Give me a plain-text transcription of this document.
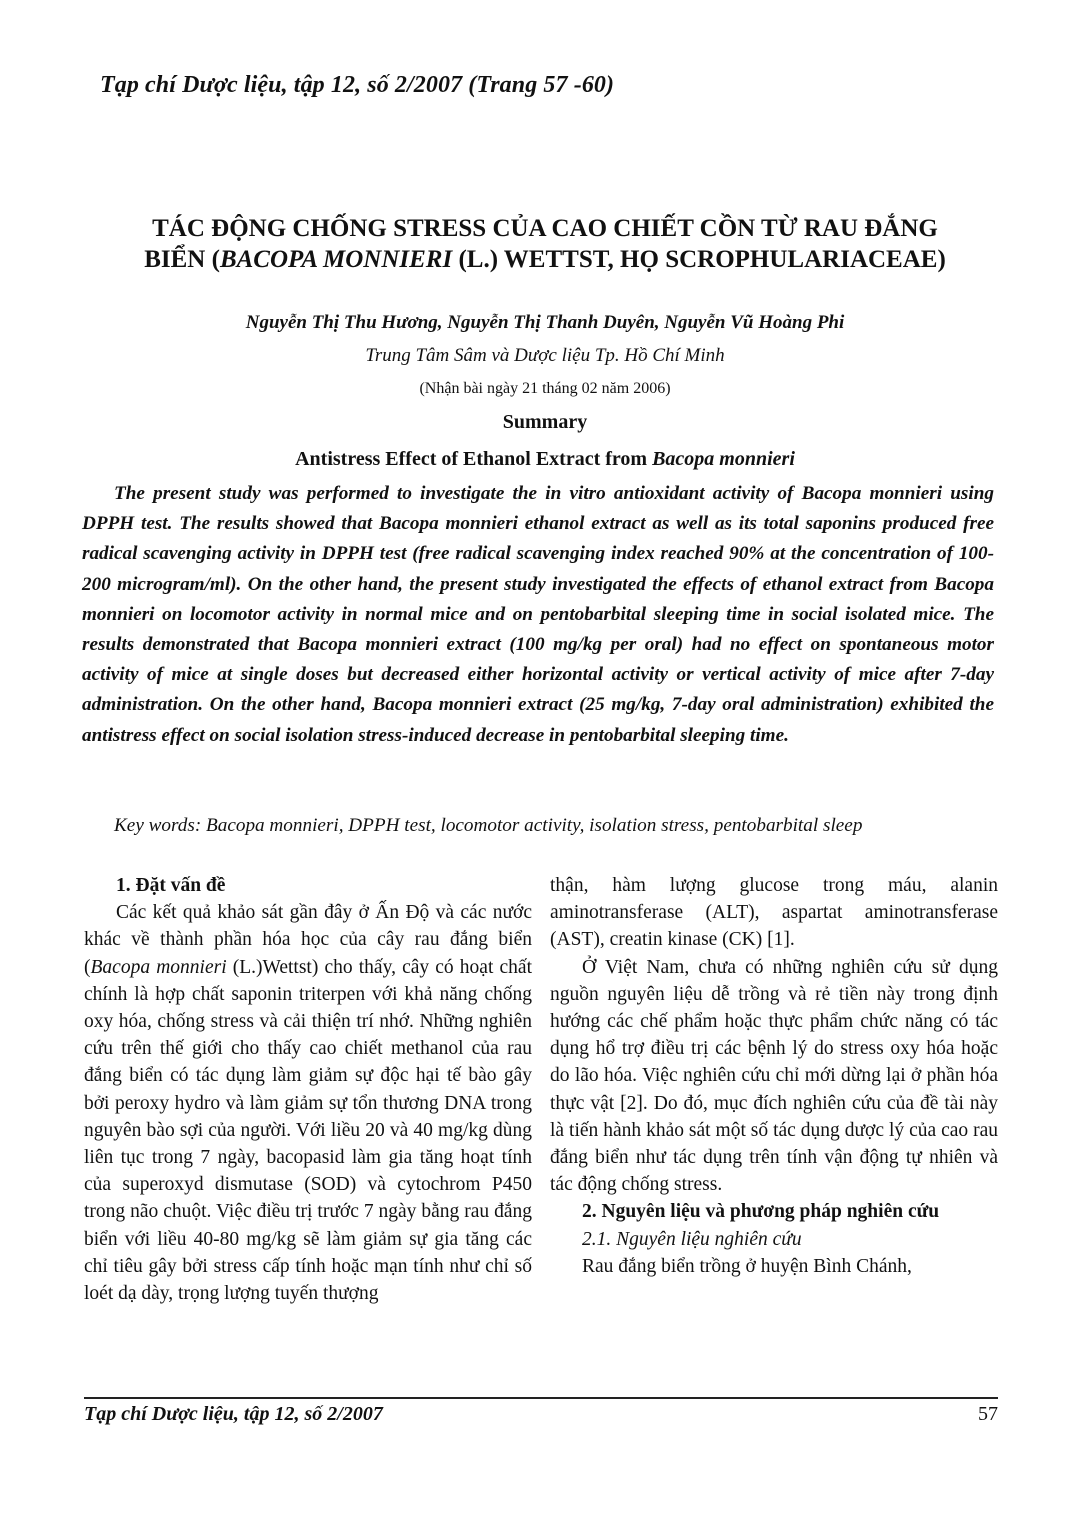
Tạp chí Dược liệu, tập 12, số 2/2007 (Trang 57 -60)
TÁC ĐỘNG CHỐNG STRESS CỦA CAO CHIẾT CỒN TỪ RAU ĐẮNG BIỂN (BACOPA MONNIERI (L.) WETTST, HỌ SCROPHULARIACEAE)
Nguyễn Thị Thu Hương, Nguyễn Thị Thanh Duyên, Nguyễn Vũ Hoàng Phi
Trung Tâm Sâm và Dược liệu Tp. Hồ Chí Minh
(Nhận bài ngày 21 tháng 02 năm 2006)
Summary
Antistress Effect of Ethanol Extract from Bacopa monnieri

The present study was performed to investigate the in vitro antioxidant activity of Bacopa monnieri using DPPH test. The results showed that Bacopa monnieri ethanol extract as well as its total saponins produced free radical scavenging activity in DPPH test (free radical scavenging index reached 90% at the concentration of 100-200 microgram/ml). On the other hand, the present study investigated the effects of ethanol extract from Bacopa monnieri on locomotor activity in normal mice and on pentobarbital sleeping time in social isolated mice. The results demonstrated that Bacopa monnieri extract (100 mg/kg per oral) had no effect on spontaneous motor activity of mice at single doses but decreased either horizontal activity or vertical activity of mice after 7-day administration. On the other hand, Bacopa monnieri extract (25 mg/kg, 7-day oral administration) exhibited the antistress effect on social isolation stress-induced decrease in pentobarbital sleeping time.

Key words: Bacopa monnieri, DPPH test, locomotor activity, isolation stress, pentobarbital sleep

1. Đặt vấn đề

Các kết quả khảo sát gần đây ở Ấn Độ và các nước khác về thành phần hóa học của cây rau đắng biển (Bacopa monnieri (L.)Wettst) cho thấy, cây có hoạt chất chính là hợp chất saponin triterpen với khả năng chống oxy hóa, chống stress và cải thiện trí nhớ. Những nghiên cứu trên thế giới cho thấy cao chiết methanol của rau đắng biển có tác dụng làm giảm sự độc hại tế bào gây bởi peroxy hydro và làm giảm sự tổn thương DNA trong nguyên bào sợi của người. Với liều 20 và 40 mg/kg dùng liên tục trong 7 ngày, bacopasid làm gia tăng hoạt tính của superoxyd dismutase (SOD) và cytochrom P450 trong não chuột. Việc điều trị trước 7 ngày bằng rau đắng biển với liều 40-80 mg/kg sẽ làm giảm sự gia tăng các chỉ tiêu gây bởi stress cấp tính hoặc mạn tính như chỉ số loét dạ dày, trọng lượng tuyến thượng

thận, hàm lượng glucose trong máu, alanin aminotransferase (ALT), aspartat aminotransferase (AST), creatin kinase (CK) [1].

Ở Việt Nam, chưa có những nghiên cứu sử dụng nguồn nguyên liệu dễ trồng và rẻ tiền này trong định hướng các chế phẩm hoặc thực phẩm chức năng có tác dụng hổ trợ điều trị các bệnh lý do stress oxy hóa hoặc do lão hóa. Việc nghiên cứu chỉ mới dừng lại ở phần hóa thực vật [2]. Do đó, mục đích nghiên cứu của đề tài này là tiến hành khảo sát một số tác dụng dược lý của cao rau đắng biển như tác dụng trên tính vận động tự nhiên và tác động chống stress.

2. Nguyên liệu và phương pháp nghiên cứu

2.1. Nguyên liệu nghiên cứu

Rau đắng biển trồng ở huyện Bình Chánh,

Tạp chí Dược liệu, tập 12, số 2/2007	57
